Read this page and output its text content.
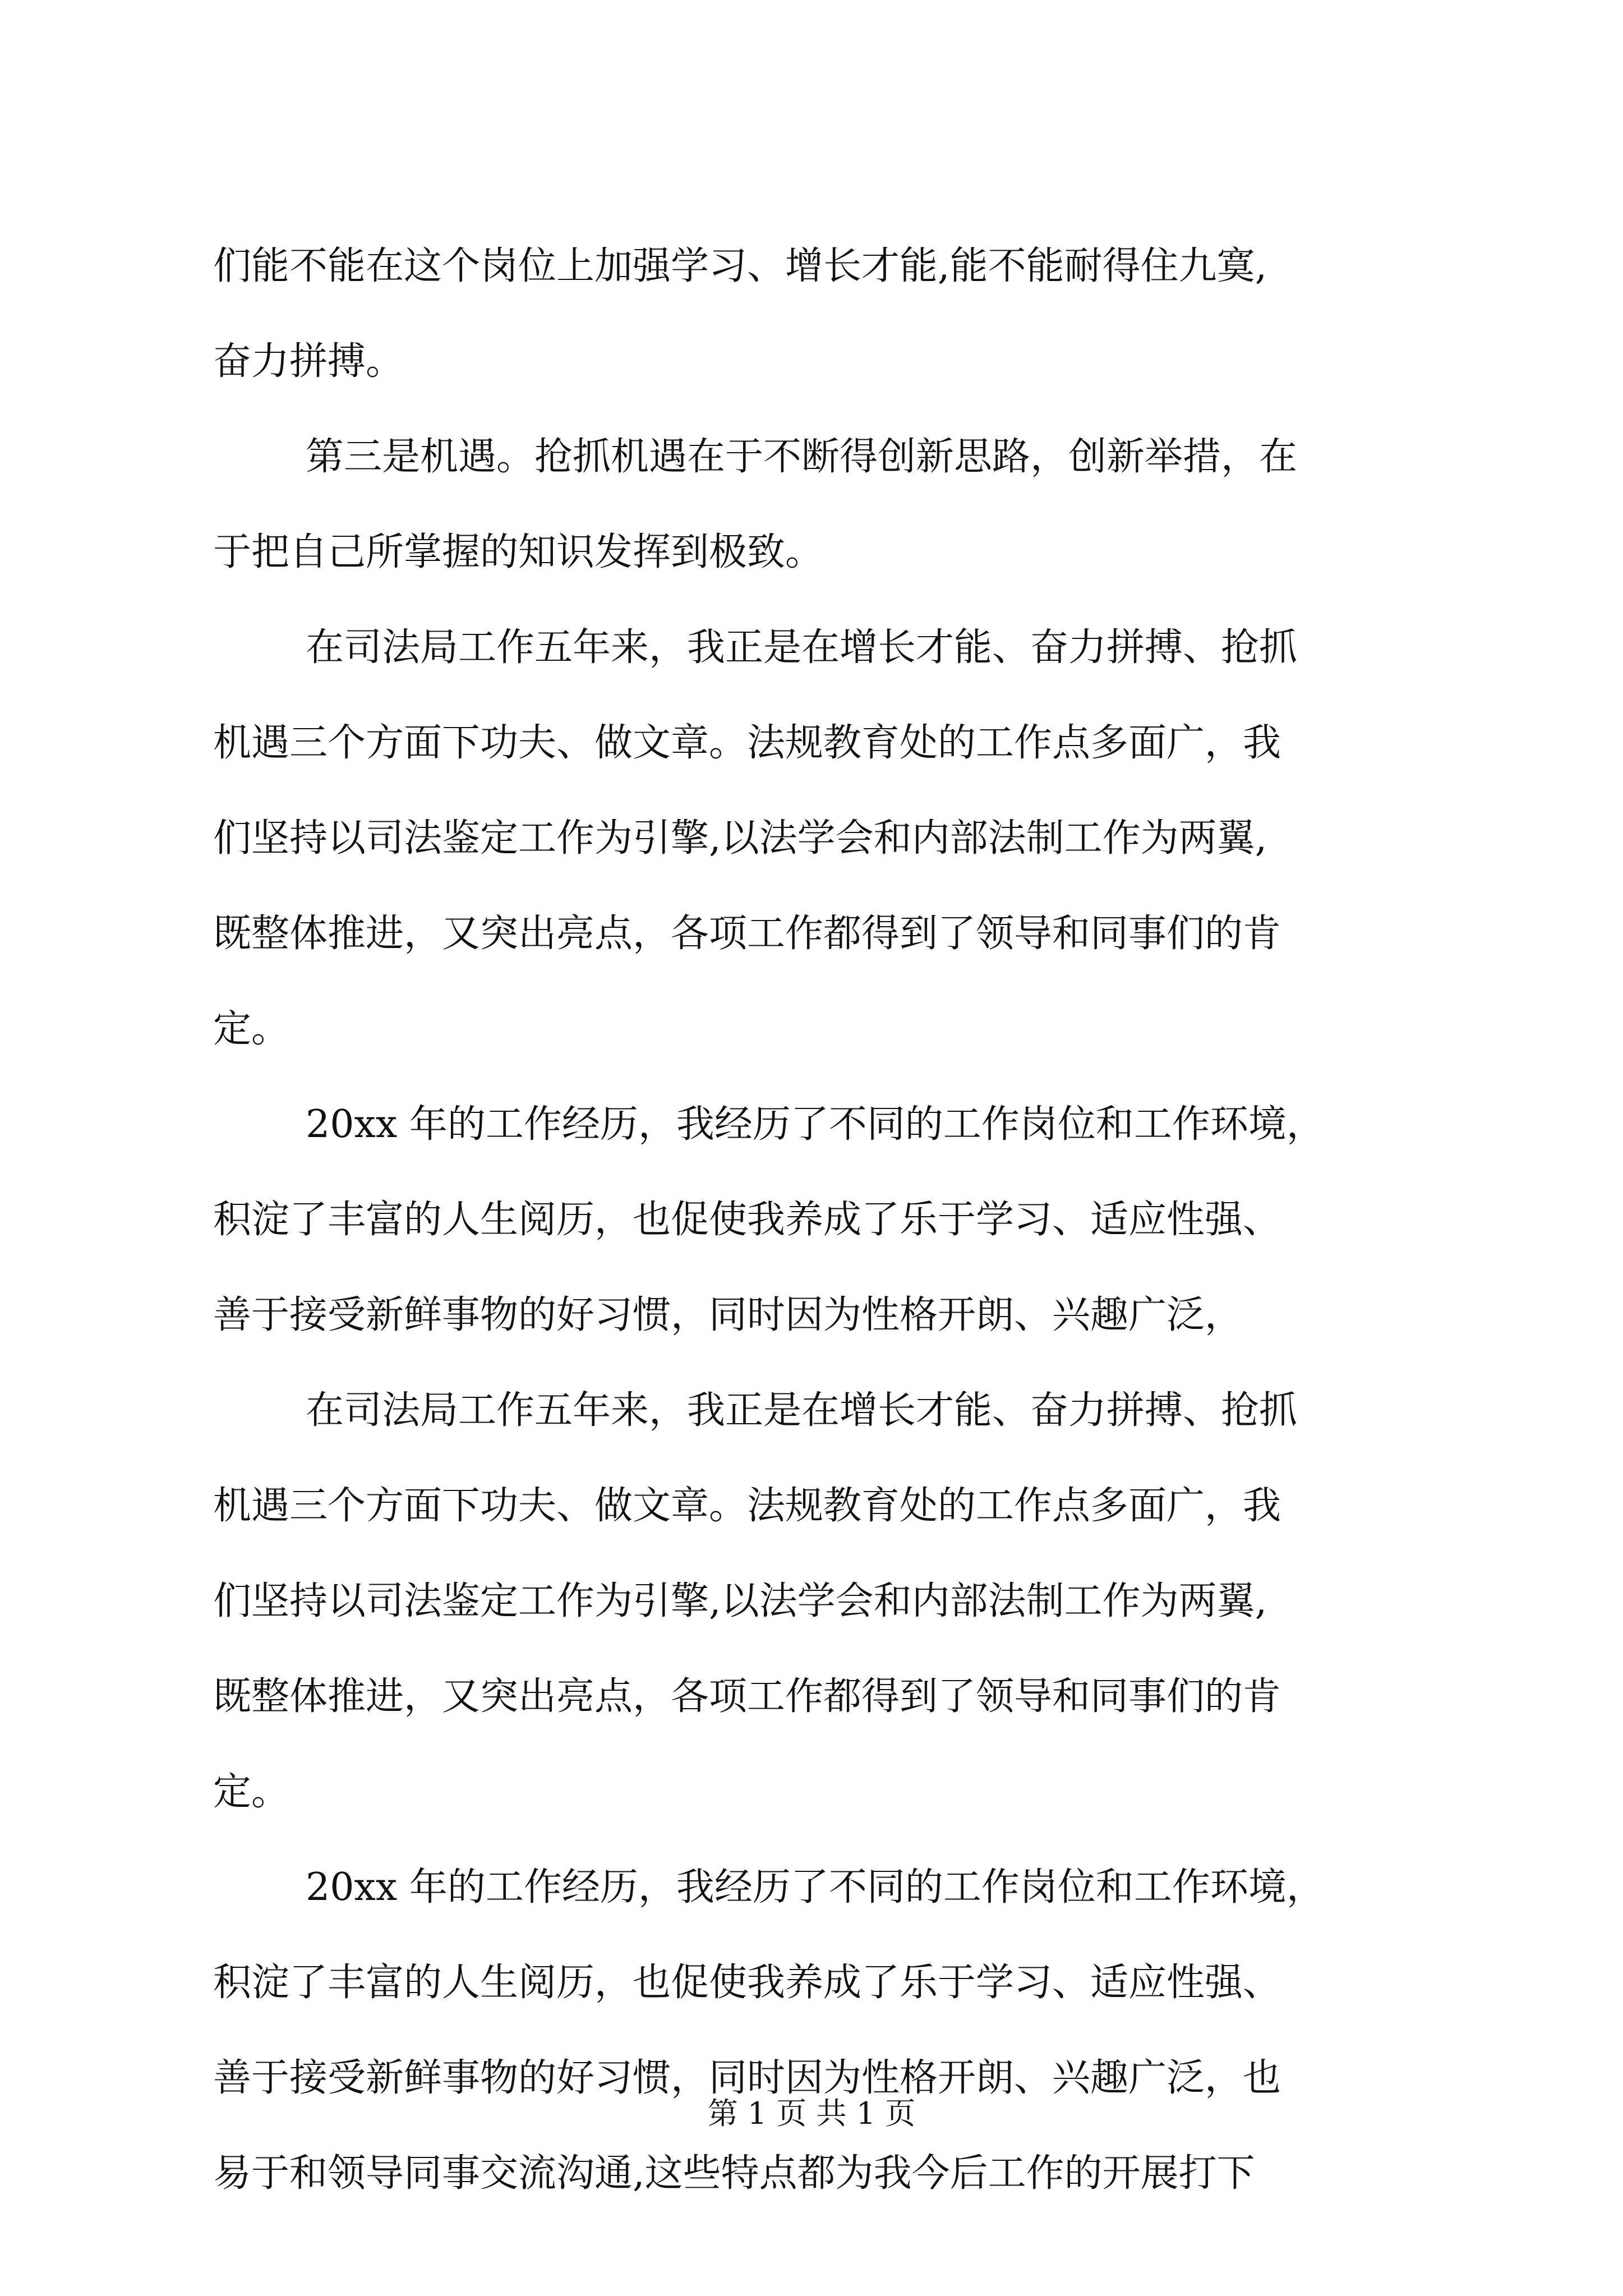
们能不能在这个岗位上加强学习、增长才能,能不能耐得住九寞,
奋力拼搏。
第三是机遇。抢抓机遇在于不断得创新思路，创新举措，在
于把自己所掌握的知识发挥到极致。
在司法局工作五年来，我正是在增长才能、奋力拼搏、抢抓
机遇三个方面下功夫、做文章。法规教育处的工作点多面广，我
们坚持以司法鉴定工作为引擎,以法学会和内部法制工作为两翼,
既整体推进，又突出亮点，各项工作都得到了领导和同事们的肯
定。
20xx 年的工作经历，我经历了不同的工作岗位和工作环境，
积淀了丰富的人生阅历，也促使我养成了乐于学习、适应性强、
善于接受新鲜事物的好习惯，同时因为性格开朗、兴趣广泛，
在司法局工作五年来，我正是在增长才能、奋力拼搏、抢抓
机遇三个方面下功夫、做文章。法规教育处的工作点多面广，我
们坚持以司法鉴定工作为引擎,以法学会和内部法制工作为两翼,
既整体推进，又突出亮点，各项工作都得到了领导和同事们的肯
定。
20xx 年的工作经历，我经历了不同的工作岗位和工作环境，
积淀了丰富的人生阅历，也促使我养成了乐于学习、适应性强、
善于接受新鲜事物的好习惯，同时因为性格开朗、兴趣广泛，也
易于和领导同事交流沟通,这些特点都为我今后工作的开展打下
第 1 页 共 1 页
